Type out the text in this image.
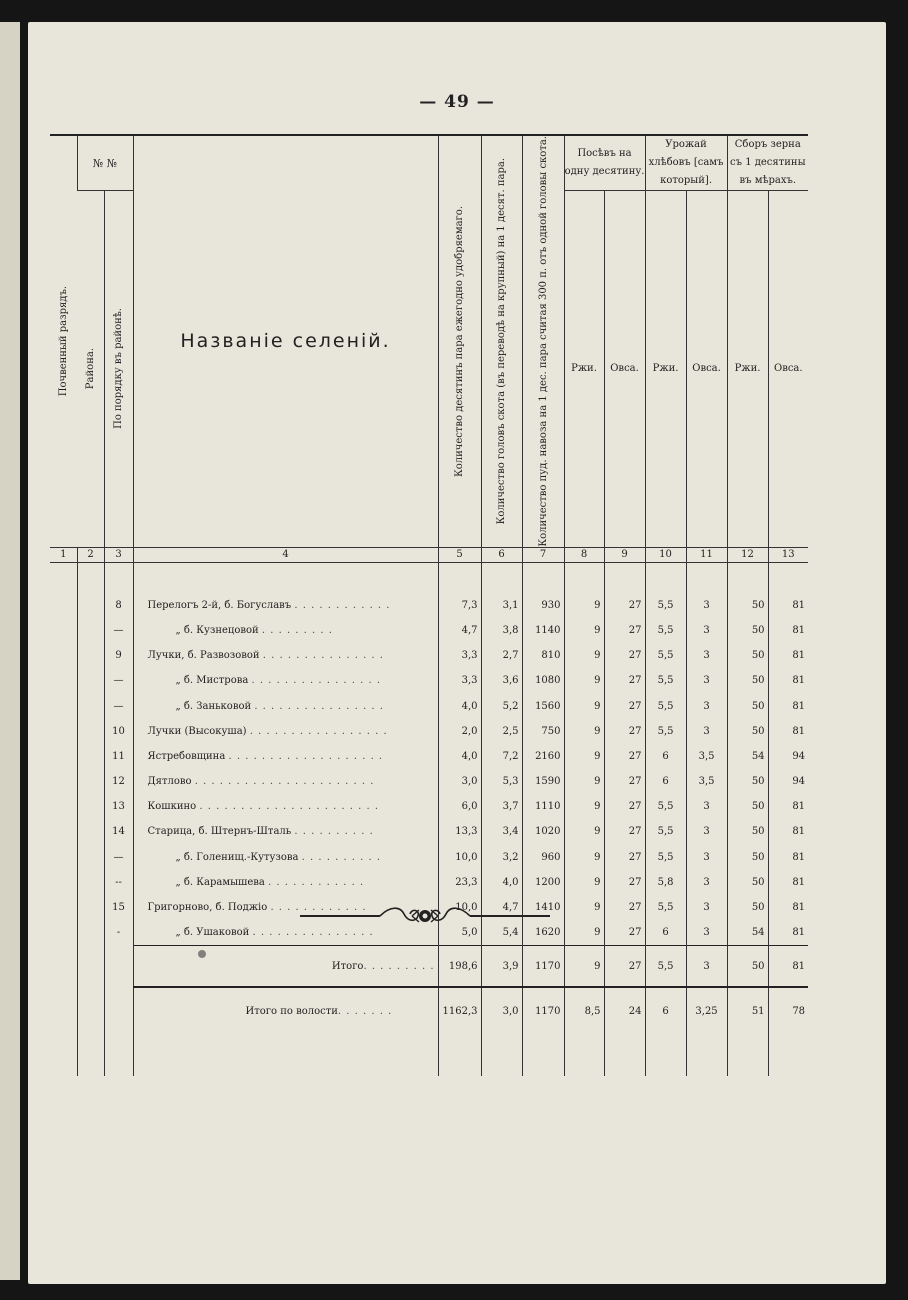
— 49 —
Почвенный разрядъ.	№ №		Названіе селеній.	Количество десятинъ пара ежегодно удобряемаго.	Количество головъ скота (въ переводѣ на крупный) на 1 десят. пара.	Количество пуд. навоза на 1 дес. пара считая 300 п. отъ одной головы скота.	Посѣвъ на одну десятину.		Урожай хлѣбовъ [самъ который].		Сборъ зерна съ 1 десятины въ мѣрахъ.	

	Района.	По порядку въ районѣ.					Ржи.	Овса.	Ржи.	Овса.	Ржи.	Овса.

1	2	3	4	5	6	7	8	9	10	11	12	13

		8	Перелогъ 2-й, б. Богуславъ . . . . . . . . . . . .	7,3	3,1	930	9	27	5,5	3	50	81
		—	„ б. Кузнецовой . . . . . . . . .	4,7	3,8	1140	9	27	5,5	3	50	81
		9	Лучки, б. Развозовой . . . . . . . . . . . . . . .	3,3	2,7	810	9	27	5,5	3	50	81
		—	„ б. Мистрова . . . . . . . . . . . . . . . .	3,3	3,6	1080	9	27	5,5	3	50	81
		—	„ б. Заньковой . . . . . . . . . . . . . . . .	4,0	5,2	1560	9	27	5,5	3	50	81
		10	Лучки (Высокуша) . . . . . . . . . . . . . . . . .	2,0	2,5	750	9	27	5,5	3	50	81
		11	Ястребовщина . . . . . . . . . . . . . . . . . . .	4,0	7,2	2160	9	27	6	3,5	54	94
		12	Дятлово . . . . . . . . . . . . . . . . . . . . . .	3,0	5,3	1590	9	27	6	3,5	50	94
		13	Кошкино . . . . . . . . . . . . . . . . . . . . . .	6,0	3,7	1110	9	27	5,5	3	50	81
		14	Старица, б. Штернъ-Шталь . . . . . . . . . .	13,3	3,4	1020	9	27	5,5	3	50	81
		—	„ б. Голенищ.-Кутузова . . . . . . . . . .	10,0	3,2	960	9	27	5,5	3	50	81
		--	„ б. Карамышева . . . . . . . . . . . .	23,3	4,0	1200	9	27	5,8	3	50	81
		15	Григорново, б. Поджіо . . . . . . . . . . . .	10,0	4,7	1410	9	27	5,5	3	50	81
		-	„ б. Ушаковой . . . . . . . . . . . . . . .	5,0	5,4	1620	9	27	6	3	54	81
			Итого. . . . . . . . .	198,6	3,9	1170	9	27	5,5	3	50	81
			Итого по волости. . . . . . .	1162,3	3,0	1170	8,5	24	6	3,25	51	78
